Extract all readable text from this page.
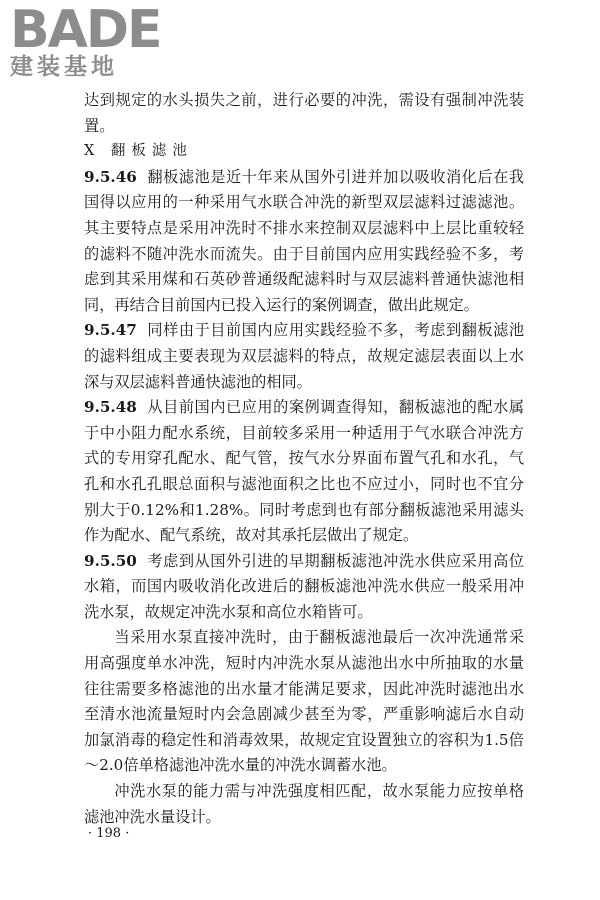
BADE
建装基地

达到规定的水头损失之前，进行必要的冲洗，需设有强制冲洗装置。

X 翻板滤池

9.5.46 翻板滤池是近十年来从国外引进并加以吸收消化后在我国得以应用的一种采用气水联合冲洗的新型双层滤料过滤滤池。其主要特点是采用冲洗时不排水来控制双层滤料中上层比重较轻的滤料不随冲洗水而流失。由于目前国内应用实践经验不多，考虑到其采用煤和石英砂普通级配滤料时与双层滤料普通快滤池相同，再结合目前国内已投入运行的案例调查，做出此规定。

9.5.47 同样由于目前国内应用实践经验不多，考虑到翻板滤池的滤料组成主要表现为双层滤料的特点，故规定滤层表面以上水深与双层滤料普通快滤池的相同。

9.5.48 从目前国内已应用的案例调查得知，翻板滤池的配水属于中小阻力配水系统，目前较多采用一种适用于气水联合冲洗方式的专用穿孔配水、配气管，按气水分界面布置气孔和水孔，气孔和水孔孔眼总面积与滤池面积之比也不应过小，同时也不宜分别大于0.12%和1.28%。同时考虑到也有部分翻板滤池采用滤头作为配水、配气系统，故对其承托层做出了规定。

9.5.50 考虑到从国外引进的早期翻板滤池冲洗水供应采用高位水箱，而国内吸收消化改进后的翻板滤池冲洗水供应一般采用冲洗水泵，故规定冲洗水泵和高位水箱皆可。

当采用水泵直接冲洗时，由于翻板滤池最后一次冲洗通常采用高强度单水冲洗，短时内冲洗水泵从滤池出水中所抽取的水量往往需要多格滤池的出水量才能满足要求，因此冲洗时滤池出水至清水池流量短时内会急剧减少甚至为零，严重影响滤后水自动加氯消毒的稳定性和消毒效果，故规定宜设置独立的容积为1.5倍～2.0倍单格滤池冲洗水量的冲洗水调蓄水池。

冲洗水泵的能力需与冲洗强度相匹配，故水泵能力应按单格滤池冲洗水量设计。

· 198 ·
